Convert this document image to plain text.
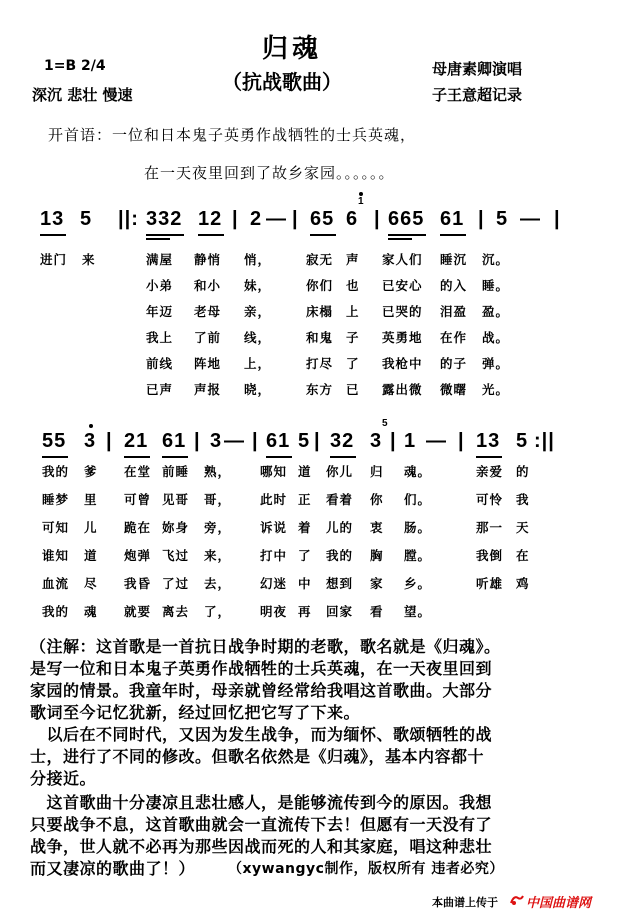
归魂
（抗战歌曲）
1=B 2/4
深沉 悲壮 慢速
母唐素卿演唱
子王意超记录
开首语：一位和日本鬼子英勇作战牺牲的士兵英魂，
在一天夜里回到了故乡家园。。。。。。
13 5 ||: 332 12 | 2 — | 65 6 | 665 61 | 5 — |
1
进门 来	满屋 静悄 悄，	寂无 声 家人们 睡沉 沉。
小弟 和小 妹，	你们 也 已安心 的入 睡。
年迈 老母 亲，	床榻 上 已哭的 泪盈 盈。
我上 了前 线，	和鬼 子 英勇地 在作 战。
前线 阵地 上，	打尽 了 我枪中 的子 弹。
已声 声报 晓，	东方 已 露出微 微曙 光。
55 3 | 21 61 | 3 — | 61 5 | 32 3 | 1 — | 13 5 :||
5
我的 爹 在堂 前睡 熟， 哪知 道 你儿 归 魂。	亲爱 的
睡梦 里 可曾 见哥 哥， 此时 正 看着 你 们。	可怜 我
可知 儿 跪在 妳身 旁， 诉说 着 儿的 衷 肠。	那一 天
谁知 道 炮弹 飞过 来， 打中 了 我的 胸 膛。	我倒 在
血流 尽 我昏 了过 去， 幻迷 中 想到 家 乡。	听雄 鸡
我的 魂 就要 离去 了， 明夜 再 回家 看 望。
（注解：这首歌是一首抗日战争时期的老歌，歌名就是《归魂》。
是写一位和日本鬼子英勇作战牺牲的士兵英魂，在一天夜里回到
家园的情景。我童年时，母亲就曾经常给我唱这首歌曲。大部分
歌词至今记忆犹新，经过回忆把它写了下来。
　以后在不同时代，又因为发生战争，而为缅怀、歌颂牺牲的战
士，进行了不同的修改。但歌名依然是《归魂》，基本内容都十
分接近。
　这首歌曲十分凄凉且悲壮感人，是能够流传到今的原因。我想
只要战争不息，这首歌曲就会一直流传下去！但愿有一天没有了
战争，世人就不必再为那些因战而死的人和其家庭，唱这种悲壮
而又凄凉的歌曲了！） （xywangyc制作，版权所有 违者必究）
本曲谱上传于 中国曲谱网
